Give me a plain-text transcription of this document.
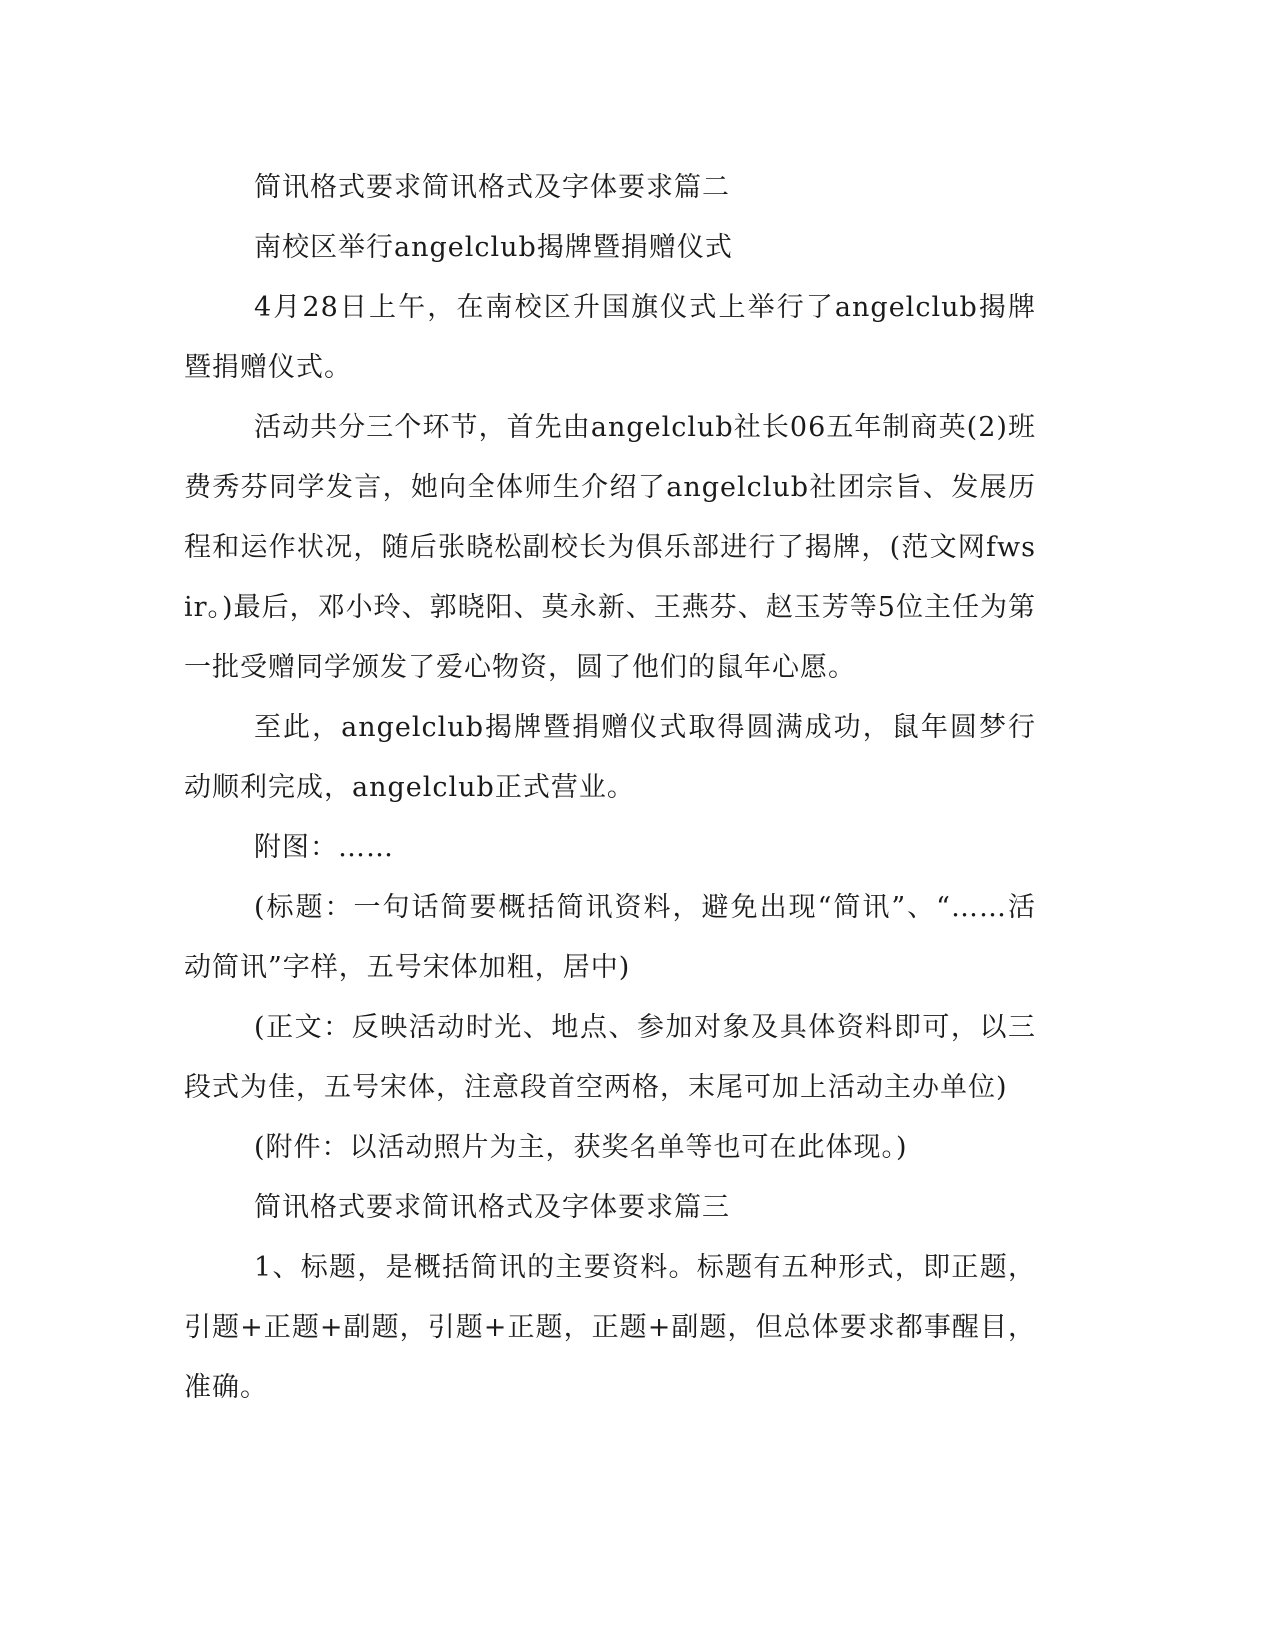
简讯格式要求简讯格式及字体要求篇二

南校区举行angelclub揭牌暨捐赠仪式

4月28日上午，在南校区升国旗仪式上举行了angelclub揭牌暨捐赠仪式。

活动共分三个环节，首先由angelclub社长06五年制商英(2)班费秀芬同学发言，她向全体师生介绍了angelclub社团宗旨、发展历程和运作状况，随后张晓松副校长为俱乐部进行了揭牌，(范文网fwsir。)最后，邓小玲、郭晓阳、莫永新、王燕芬、赵玉芳等5位主任为第一批受赠同学颁发了爱心物资，圆了他们的鼠年心愿。

至此，angelclub揭牌暨捐赠仪式取得圆满成功，鼠年圆梦行动顺利完成，angelclub正式营业。

附图：……

(标题：一句话简要概括简讯资料，避免出现“简讯”、“……活动简讯”字样，五号宋体加粗，居中)

(正文：反映活动时光、地点、参加对象及具体资料即可，以三段式为佳，五号宋体，注意段首空两格，末尾可加上活动主办单位)

(附件：以活动照片为主，获奖名单等也可在此体现。)

简讯格式要求简讯格式及字体要求篇三

1、标题，是概括简讯的主要资料。标题有五种形式，即正题，引题+正题+副题，引题+正题，正题+副题，但总体要求都事醒目，准确。
